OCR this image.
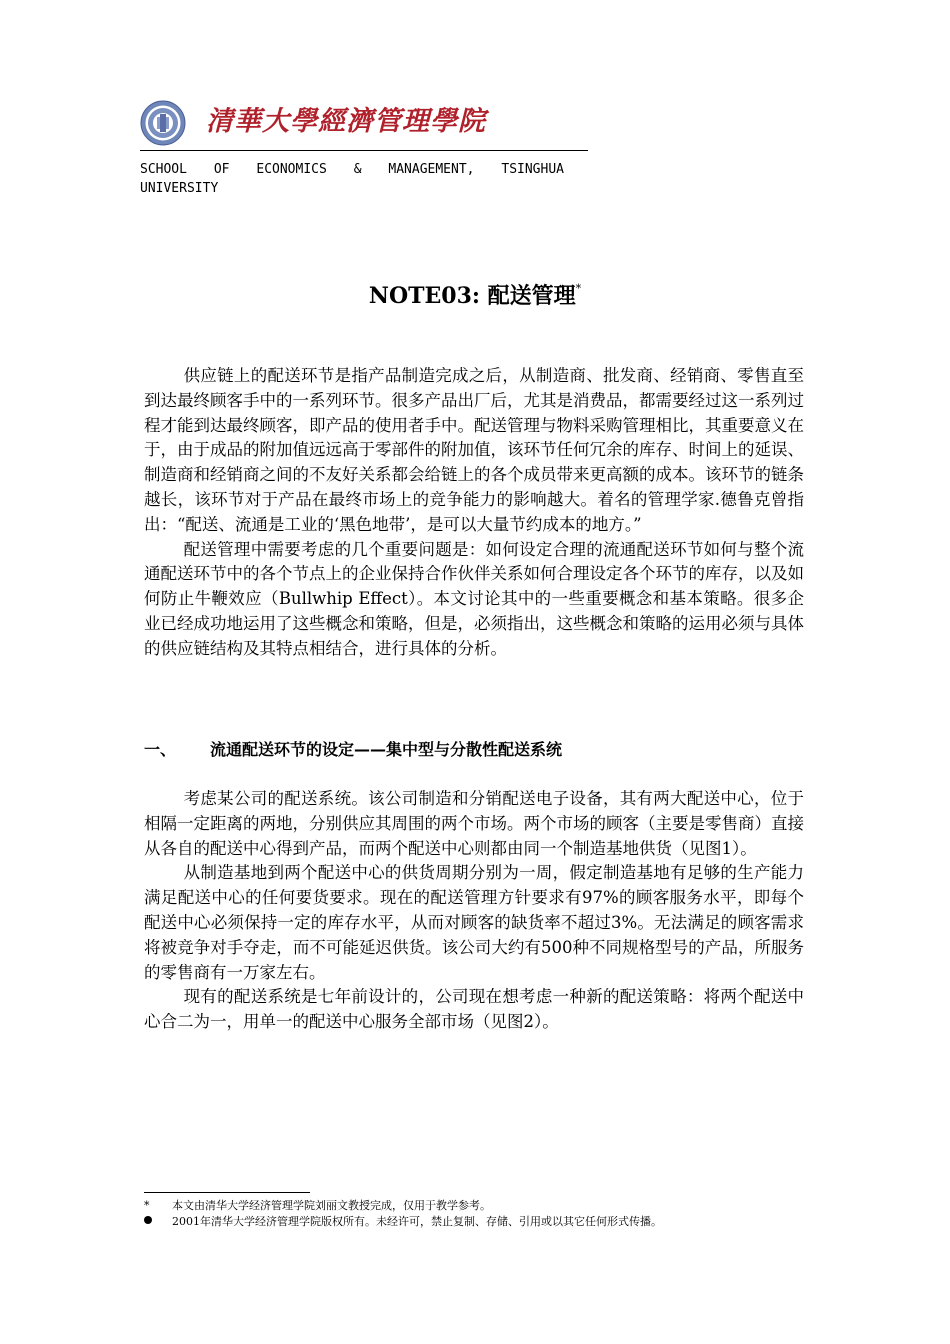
清華大學經濟管理學院
SCHOOL OF ECONOMICS & MANAGEMENT, TSINGHUA
UNIVERSITY
NOTE03: 配送管理*

供应链上的配送环节是指产品制造完成之后，从制造商、批发商、经销商、零售直至到达最终顾客手中的一系列环节。很多产品出厂后，尤其是消费品，都需要经过这一系列过程才能到达最终顾客，即产品的使用者手中。配送管理与物料采购管理相比，其重要意义在于，由于成品的附加值远远高于零部件的附加值，该环节任何冗余的库存、时间上的延误、制造商和经销商之间的不友好关系都会给链上的各个成员带来更高额的成本。该环节的链条越长，该环节对于产品在最终市场上的竞争能力的影响越大。着名的管理学家.德鲁克曾指出：“配送、流通是工业的‘黑色地带’，是可以大量节约成本的地方。”

配送管理中需要考虑的几个重要问题是：如何设定合理的流通配送环节如何与整个流通配送环节中的各个节点上的企业保持合作伙伴关系如何合理设定各个环节的库存，以及如何防止牛鞭效应（Bullwhip Effect）。本文讨论其中的一些重要概念和基本策略。很多企业已经成功地运用了这些概念和策略，但是，必须指出，这些概念和策略的运用必须与具体的供应链结构及其特点相结合，进行具体的分析。

一、 流通配送环节的设定——集中型与分散性配送系统

考虑某公司的配送系统。该公司制造和分销配送电子设备，其有两大配送中心，位于相隔一定距离的两地，分别供应其周围的两个市场。两个市场的顾客（主要是零售商）直接从各自的配送中心得到产品，而两个配送中心则都由同一个制造基地供货（见图1）。

从制造基地到两个配送中心的供货周期分别为一周，假定制造基地有足够的生产能力满足配送中心的任何要货要求。现在的配送管理方针要求有97%的顾客服务水平，即每个配送中心必须保持一定的库存水平，从而对顾客的缺货率不超过3%。无法满足的顾客需求将被竞争对手夺走，而不可能延迟供货。该公司大约有500种不同规格型号的产品，所服务的零售商有一万家左右。

现有的配送系统是七年前设计的，公司现在想考虑一种新的配送策略：将两个配送中心合二为一，用单一的配送中心服务全部市场（见图2）。

* 本文由清华大学经济管理学院刘丽文教授完成，仅用于教学参考。
2001年清华大学经济管理学院版权所有。未经许可，禁止复制、存储、引用或以其它任何形式传播。
